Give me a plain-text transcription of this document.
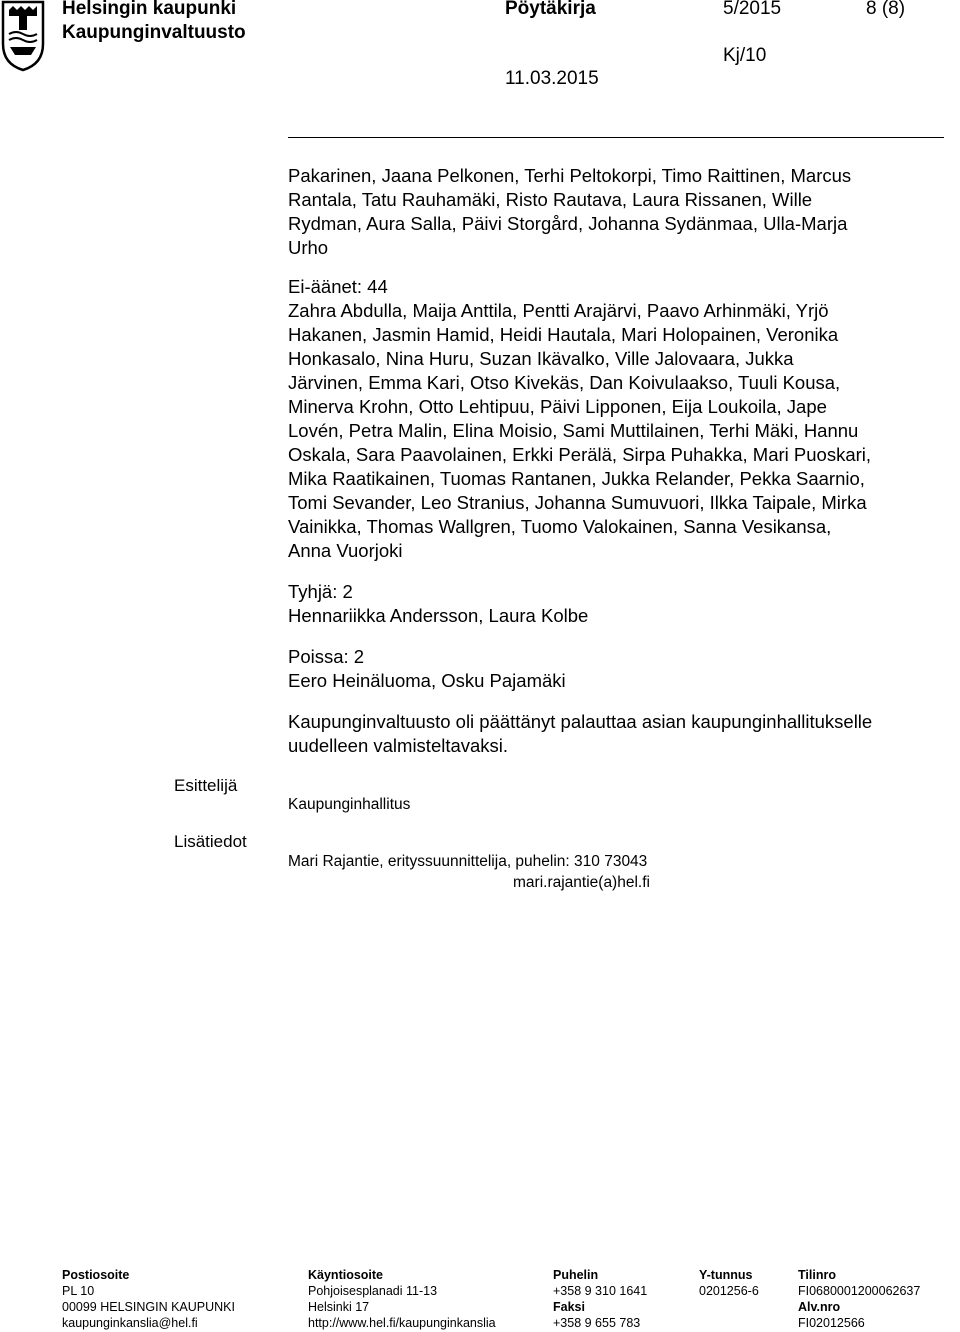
Helsingin kaupunki
Kaupunginvaltuusto
Pöytäkirja	5/2015	8 (8)
Kj/10
11.03.2015
Pakarinen, Jaana Pelkonen, Terhi Peltokorpi, Timo Raittinen, Marcus
Rantala, Tatu Rauhamäki, Risto Rautava, Laura Rissanen, Wille
Rydman, Aura Salla, Päivi Storgård, Johanna Sydänmaa, Ulla-Marja
Urho
Ei-äänet: 44
Zahra Abdulla, Maija Anttila, Pentti Arajärvi, Paavo Arhinmäki, Yrjö
Hakanen, Jasmin Hamid, Heidi Hautala, Mari Holopainen, Veronika
Honkasalo, Nina Huru, Suzan Ikävalko, Ville Jalovaara, Jukka
Järvinen, Emma Kari, Otso Kivekäs, Dan Koivulaakso, Tuuli Kousa,
Minerva Krohn, Otto Lehtipuu, Päivi Lipponen, Eija Loukoila, Jape
Lovén, Petra Malin, Elina Moisio, Sami Muttilainen, Terhi Mäki, Hannu
Oskala, Sara Paavolainen, Erkki Perälä, Sirpa Puhakka, Mari Puoskari,
Mika Raatikainen, Tuomas Rantanen, Jukka Relander, Pekka Saarnio,
Tomi Sevander, Leo Stranius, Johanna Sumuvuori, Ilkka Taipale, Mirka
Vainikka, Thomas Wallgren, Tuomo Valokainen, Sanna Vesikansa,
Anna Vuorjoki
Tyhjä: 2
Hennariikka Andersson, Laura Kolbe
Poissa: 2
Eero Heinäluoma, Osku Pajamäki
Kaupunginvaltuusto oli päättänyt palauttaa asian kaupunginhallitukselle
uudelleen valmisteltavaksi.
Esittelijä
Kaupunginhallitus
Lisätiedot
Mari Rajantie, erityssuunnittelija, puhelin: 310 73043
mari.rajantie(a)hel.fi
Postiosoite
PL 10
00099 HELSINGIN KAUPUNKI
kaupunginkanslia@hel.fi
Käyntiosoite
Pohjoisesplanadi 11-13
Helsinki 17
http://www.hel.fi/kaupunginkanslia
Puhelin
+358 9 310 1641
Faksi
+358 9 655 783
Y-tunnus
0201256-6
Tilinro
FI0680001200062637
Alv.nro
FI02012566
